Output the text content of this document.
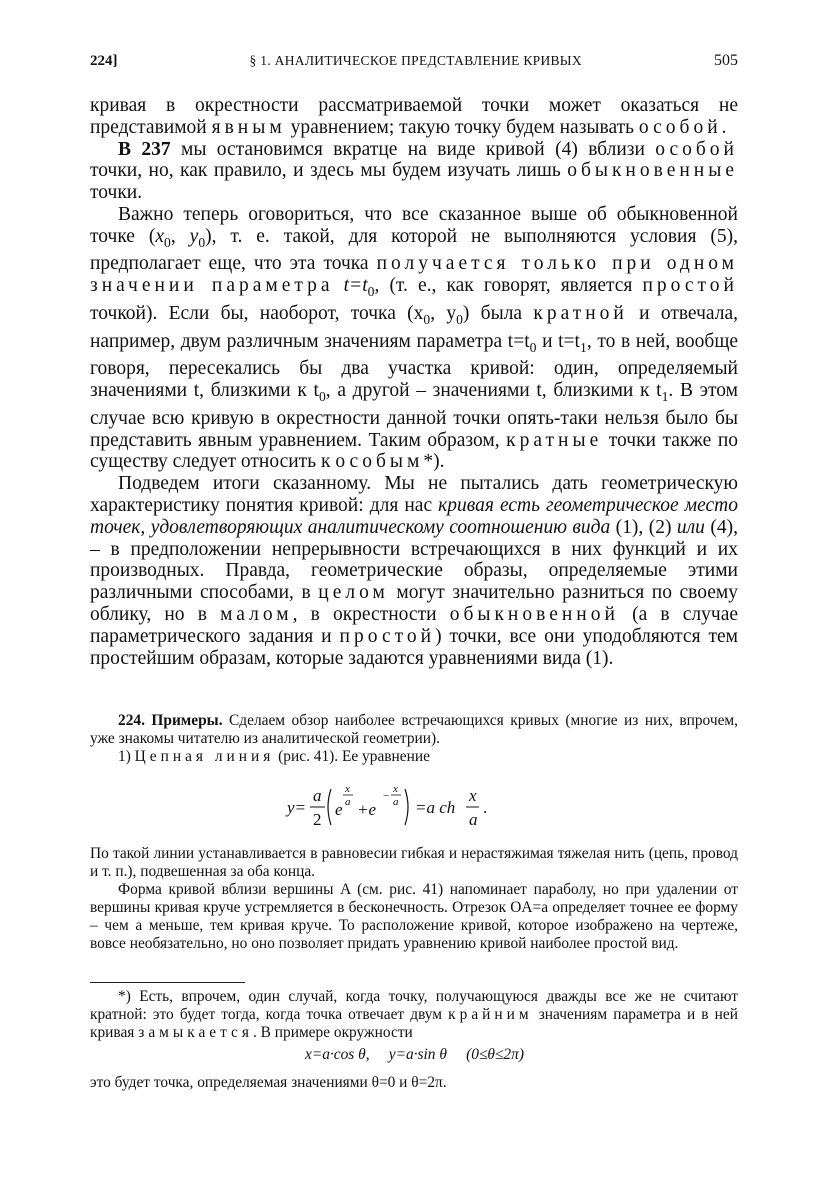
224]	§ 1. АНАЛИТИЧЕСКОЕ ПРЕДСТАВЛЕНИЕ КРИВЫХ	505

кривая в окрестности рассматриваемой точки может оказаться не представимой явным уравнением; такую точку будем называть особой.

В 237 мы остановимся вкратце на виде кривой (4) вблизи особой точки, но, как правило, и здесь мы будем изучать лишь обыкновенные точки.

Важно теперь оговориться, что все сказанное выше об обыкновенной точке ($x_0$, $y_0$), т. е. такой, для которой не выполняются условия (5), предполагает еще, что эта точка получается только при одном значении параметра $t=t_0$, (т. е., как говорят, является простой точкой). Если бы, наоборот, точка ($x_0$, $y_0$) была кратной и отвечала, например, двум различным значениям параметра $t=t_0$ и $t=t_1$, то в ней, вообще говоря, пересекались бы два участка кривой: один, определяемый значениями t, близкими к $t_0$, а другой – значениями t, близкими к $t_1$. В этом случае всю кривую в окрестности данной точки опять-таки нельзя было бы представить явным уравнением. Таким образом, кратные точки также по существу следует относить к особым*).

Подведем итоги сказанному. Мы не пытались дать геометрическую характеристику понятия кривой: для нас кривая есть геометрическое место точек, удовлетворяющих аналитическому соотношению вида (1), (2) или (4), – в предположении непрерывности встречающихся в них функций и их производных. Правда, геометрические образы, определяемые этими различными способами, в целом могут значительно разниться по своему облику, но в малом, в окрестности обыкновенной (а в случае параметрического задания и простой) точки, все они уподобляются тем простейшим образам, которые задаются уравнениями вида (1).

224. Примеры. Сделаем обзор наиболее встречающихся кривых (многие из них, впрочем, уже знакомы читателю из аналитической геометрии).

1) Цепная линия (рис. 41). Ее уравнение

y=
a
2
e
x
a +e
−
x
a =a ch
x
a
.

По такой линии устанавливается в равновесии гибкая и нерастяжимая тяжелая нить (цепь, провод и т. п.), подвешенная за оба конца.

Форма кривой вблизи вершины A (см. рис. 41) напоминает параболу, но при удалении от вершины кривая круче устремляется в бесконечность. Отрезок OA=a определяет точнее ее форму – чем a меньше, тем кривая круче. То расположение кривой, которое изображено на чертеже, вовсе необязательно, но оно позволяет придать уравнению кривой наиболее простой вид.

*) Есть, впрочем, один случай, когда точку, получающуюся дважды все же не считают кратной: это будет тогда, когда точка отвечает двум крайним значениям параметра и в ней кривая замыкается. В примере окружности

x=a·cos θ,     y=a·sin θ     (0≤θ≤2π)

это будет точка, определяемая значениями θ=0 и θ=2π.
